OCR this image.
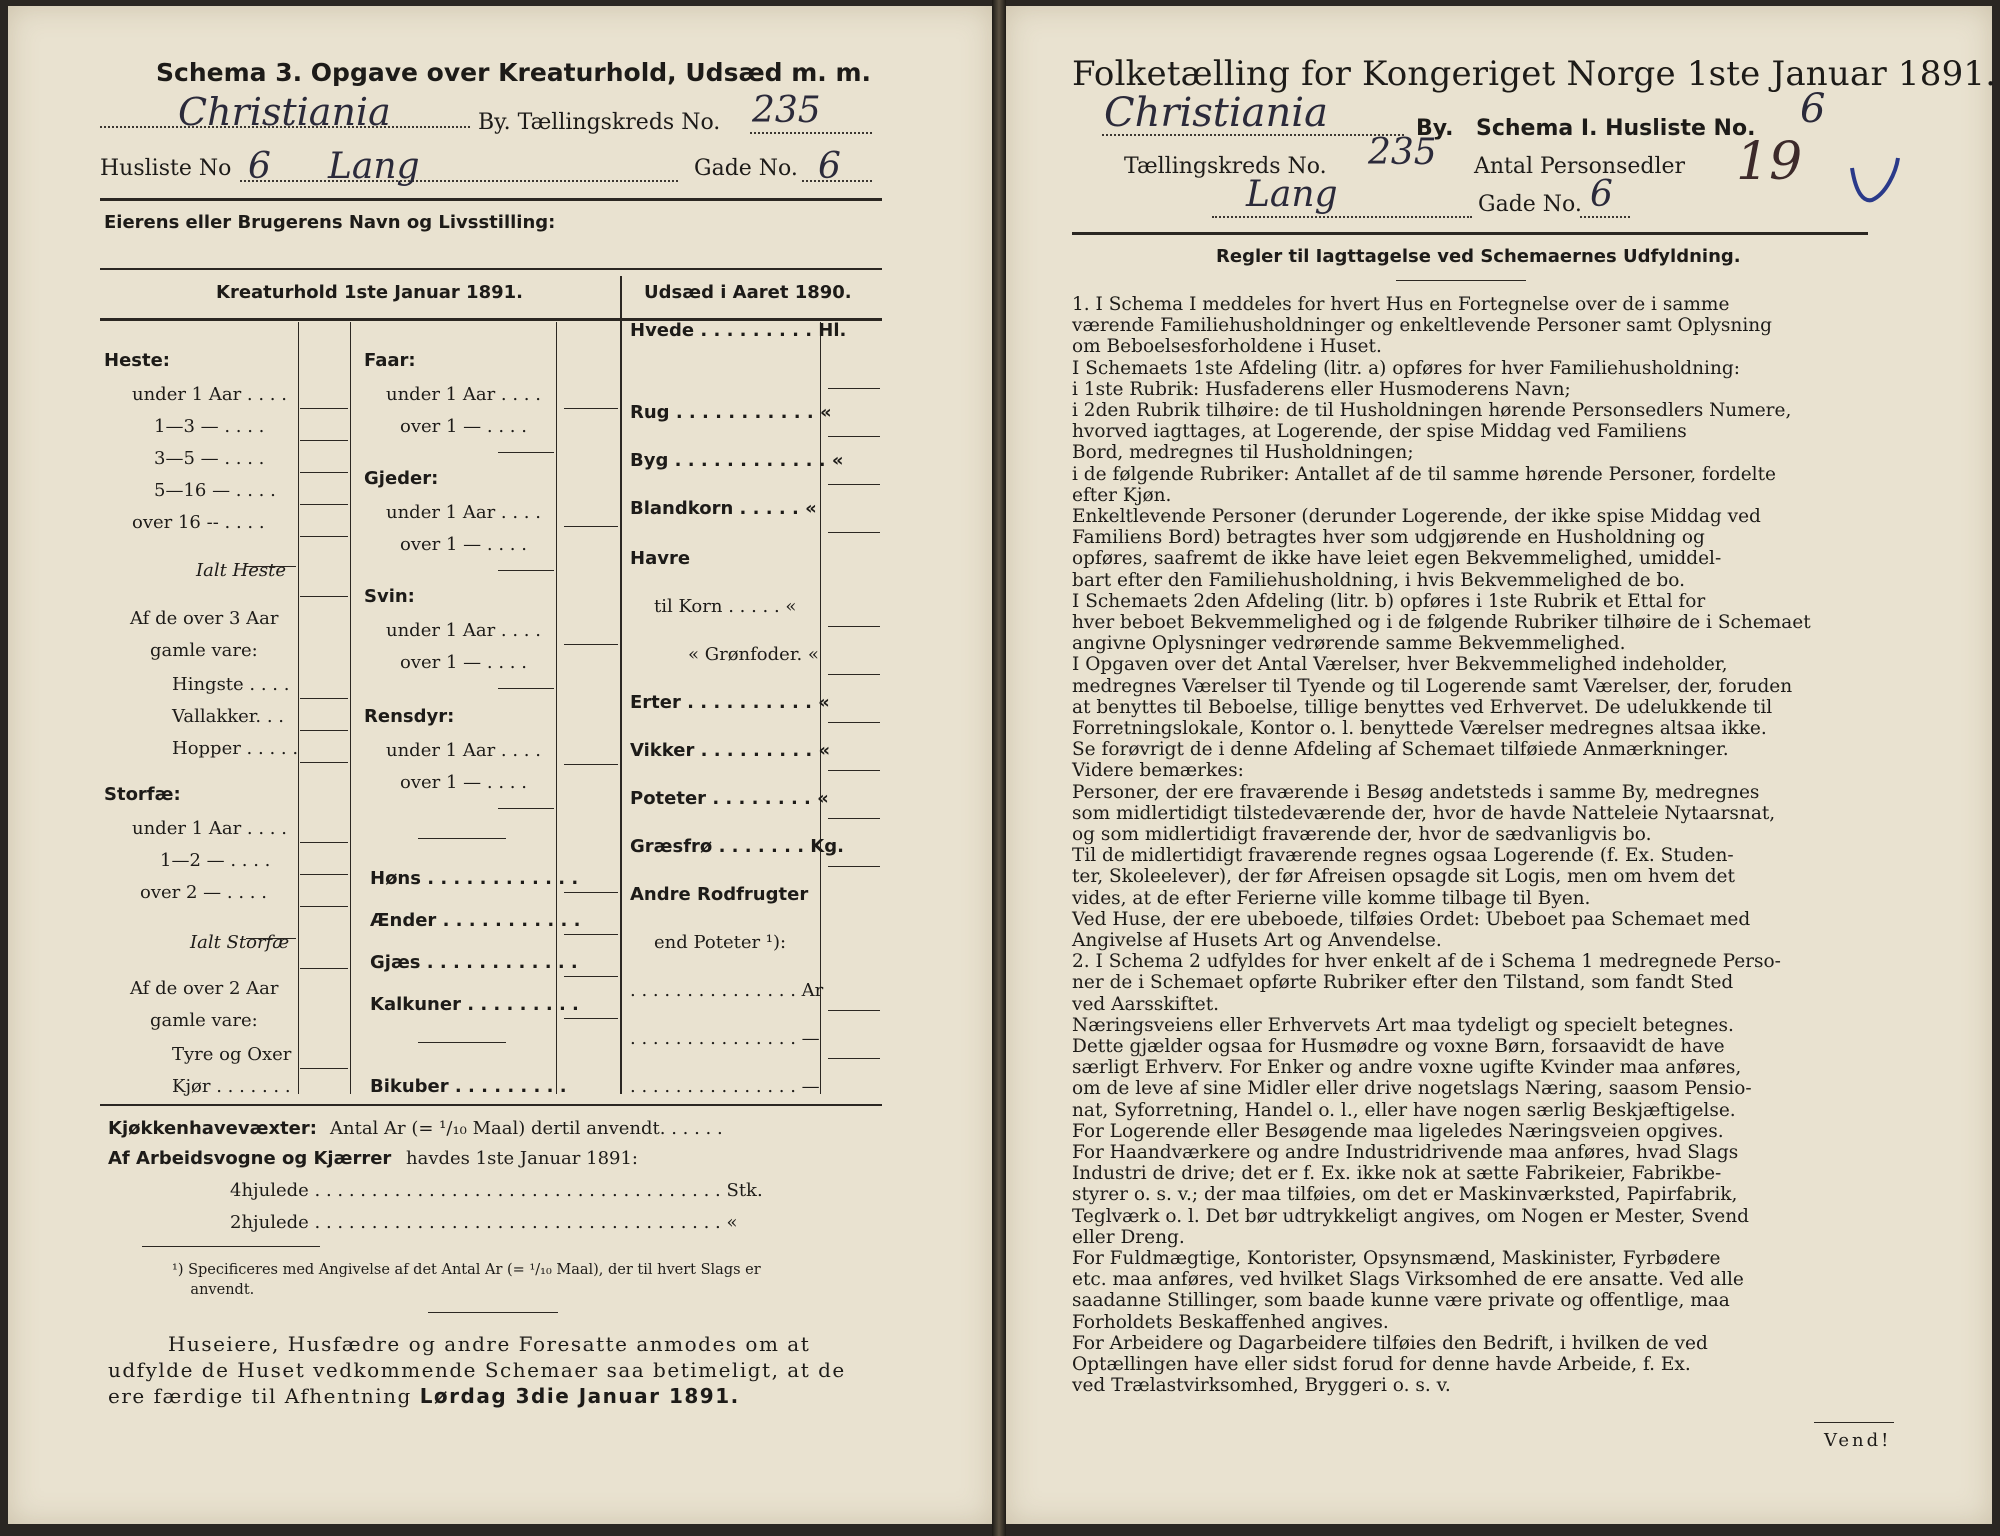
Schema 3. Opgave over Kreaturhold, Udsæd m. m.
Christiania	By. Tællingskreds No. 235
Husliste No 6 Lang	Gade No. 6
Eierens eller Brugerens Navn og Livsstilling:
Kreaturhold 1ste Januar 1891.	Udsæd i Aaret 1890.
Heste:
under 1 Aar . . . .
1—3 — . . . .
3—5 — . . . .
5—16 — . . . .
over 16 -- . . . .
Ialt Heste
Af de over 3 Aar
gamle vare:
Hingste . . . .
Vallakker. . .
Hopper . . . . .
Storfæ:
under 1 Aar . . . .
1—2 — . . . .
over 2 — . . . .
Ialt Storfæ
Af de over 2 Aar
gamle vare:
Tyre og Oxer
Kjør . . . . . . .
Faar:
under 1 Aar . . . .
over 1 — . . . .
Gjeder:
under 1 Aar . . . .
over 1 — . . . .
Svin:
under 1 Aar . . . .
over 1 — . . . .
Rensdyr:
under 1 Aar . . . .
over 1 — . . . .
Høns . . . . . . . . . . . .
Ænder . . . . . . . . . . .
Gjæs . . . . . . . . . . . .
Kalkuner . . . . . . . . .
Bikuber . . . . . . . . .
Hvede . . . . . . . . . Hl.
Rug . . . . . . . . . . . «
Byg . . . . . . . . . . . . «
Blandkorn . . . . . «
Havre
til Korn . . . . . «
« Grønfoder. «
Erter . . . . . . . . . . «
Vikker . . . . . . . . . «
Poteter . . . . . . . . «
Græsfrø . . . . . . . Kg.
Andre Rodfrugter
end Poteter ¹):
. . . . . . . . . . . . . . . Ar
. . . . . . . . . . . . . . . —
. . . . . . . . . . . . . . . —
Kjøkkenhavevæxter: Antal Ar (= ¹/₁₀ Maal) dertil anvendt. . . . . .
Af Arbeidsvogne og Kjærrer havdes 1ste Januar 1891:
4hjulede . . . . . . . . . . . . . . . . . . . . . . . . . . . . . . . . . . . . Stk.
2hjulede . . . . . . . . . . . . . . . . . . . . . . . . . . . . . . . . . . . . «
¹) Specificeres med Angivelse af det Antal Ar (= ¹/₁₀ Maal), der til hvert Slags er
anvendt.
Huseiere, Husfædre og andre Foresatte anmodes om at
udfylde de Huset vedkommende Schemaer saa betimeligt, at de
ere færdige til Afhentning Lørdag 3die Januar 1891.
Folketælling for Kongeriget Norge 1ste Januar 1891.
Christiania	By. Schema I. Husliste No. 6
Tællingskreds No. 235 Antal Personsedler 19
Lang	Gade No. 6
Regler til Iagttagelse ved Schemaernes Udfyldning.
1. I Schema I meddeles for hvert Hus en Fortegnelse over de i samme
værende Familiehusholdninger og enkeltlevende Personer samt Oplysning
om Beboelsesforholdene i Huset.
I Schemaets 1ste Afdeling (litr. a) opføres for hver Familiehusholdning:
i 1ste Rubrik: Husfaderens eller Husmoderens Navn;
i 2den Rubrik tilhøire: de til Husholdningen hørende Personsedlers Numere,
hvorved iagttages, at Logerende, der spise Middag ved Familiens
Bord, medregnes til Husholdningen;
i de følgende Rubriker: Antallet af de til samme hørende Personer, fordelte
efter Kjøn.
Enkeltlevende Personer (derunder Logerende, der ikke spise Middag ved
Familiens Bord) betragtes hver som udgjørende en Husholdning og
opføres, saafremt de ikke have leiet egen Bekvemmelighed, umiddel-
bart efter den Familiehusholdning, i hvis Bekvemmelighed de bo.
I Schemaets 2den Afdeling (litr. b) opføres i 1ste Rubrik et Ettal for
hver beboet Bekvemmelighed og i de følgende Rubriker tilhøire de i Schemaet
angivne Oplysninger vedrørende samme Bekvemmelighed.
I Opgaven over det Antal Værelser, hver Bekvemmelighed indeholder,
medregnes Værelser til Tyende og til Logerende samt Værelser, der, foruden
at benyttes til Beboelse, tillige benyttes ved Erhvervet. De udelukkende til
Forretningslokale, Kontor o. l. benyttede Værelser medregnes altsaa ikke.
Se forøvrigt de i denne Afdeling af Schemaet tilføiede Anmærkninger.
Videre bemærkes:
Personer, der ere fraværende i Besøg andetsteds i samme By, medregnes
som midlertidigt tilstedeværende der, hvor de havde Natteleie Nytaarsnat,
og som midlertidigt fraværende der, hvor de sædvanligvis bo.
Til de midlertidigt fraværende regnes ogsaa Logerende (f. Ex. Studen-
ter, Skoleelever), der før Afreisen opsagde sit Logis, men om hvem det
vides, at de efter Ferierne ville komme tilbage til Byen.
Ved Huse, der ere ubeboede, tilføies Ordet: Ubeboet paa Schemaet med
Angivelse af Husets Art og Anvendelse.
2. I Schema 2 udfyldes for hver enkelt af de i Schema 1 medregnede Perso-
ner de i Schemaet opførte Rubriker efter den Tilstand, som fandt Sted
ved Aarsskiftet.
Næringsveiens eller Erhvervets Art maa tydeligt og specielt betegnes.
Dette gjælder ogsaa for Husmødre og voxne Børn, forsaavidt de have
særligt Erhverv. For Enker og andre voxne ugifte Kvinder maa anføres,
om de leve af sine Midler eller drive nogetslags Næring, saasom Pensio-
nat, Syforretning, Handel o. l., eller have nogen særlig Beskjæftigelse.
For Logerende eller Besøgende maa ligeledes Næringsveien opgives.
For Haandværkere og andre Industridrivende maa anføres, hvad Slags
Industri de drive; det er f. Ex. ikke nok at sætte Fabrikeier, Fabrikbe-
styrer o. s. v.; der maa tilføies, om det er Maskinværksted, Papirfabrik,
Teglværk o. l. Det bør udtrykkeligt angives, om Nogen er Mester, Svend
eller Dreng.
For Fuldmægtige, Kontorister, Opsynsmænd, Maskinister, Fyrbødere
etc. maa anføres, ved hvilket Slags Virksomhed de ere ansatte. Ved alle
saadanne Stillinger, som baade kunne være private og offentlige, maa
Forholdets Beskaffenhed angives.
For Arbeidere og Dagarbeidere tilføies den Bedrift, i hvilken de ved
Optællingen have eller sidst forud for denne havde Arbeide, f. Ex.
ved Trælastvirksomhed, Bryggeri o. s. v.
Vend!
